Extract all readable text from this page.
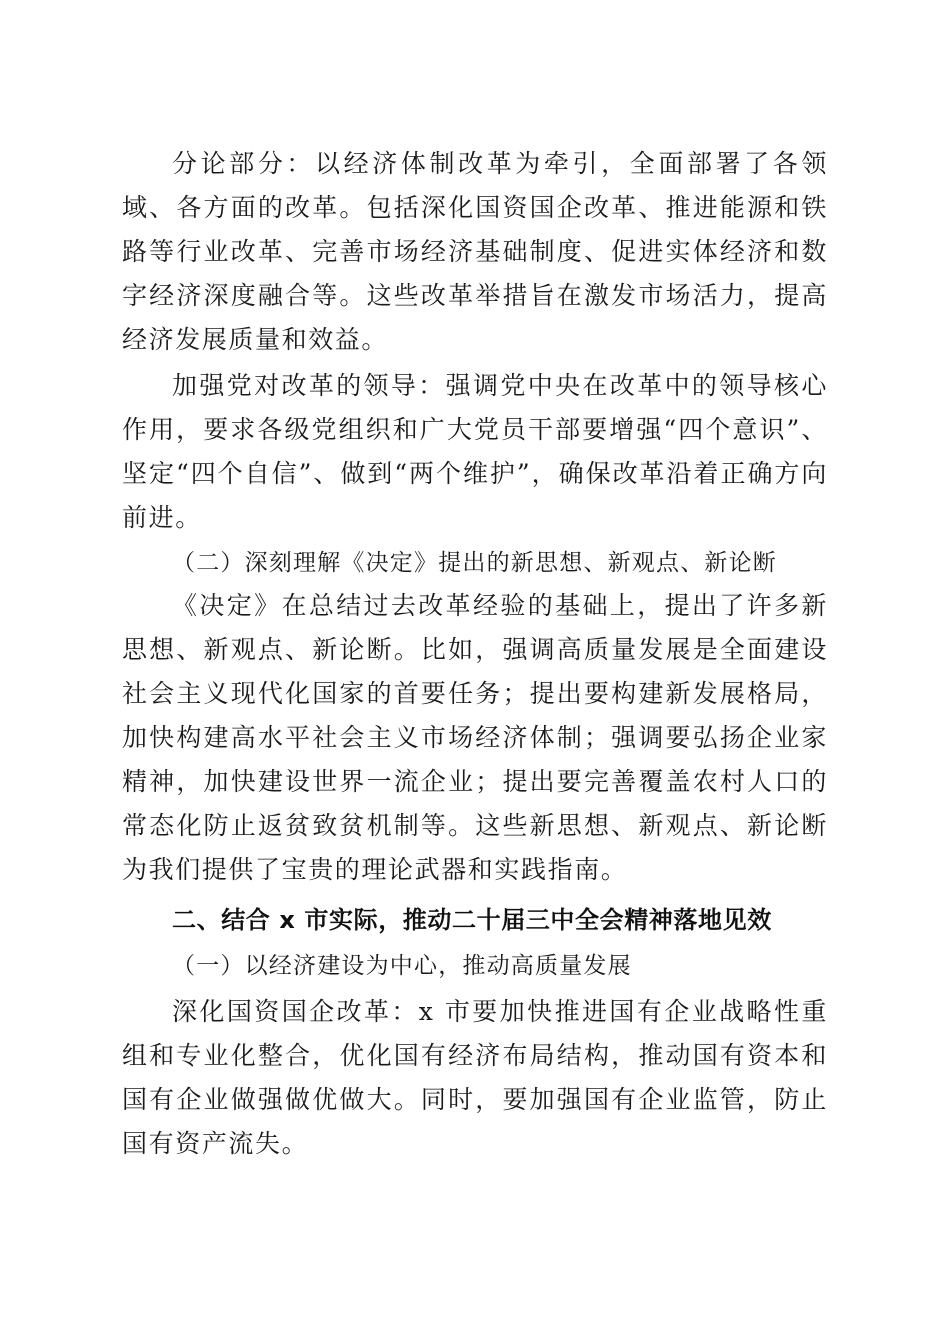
分论部分：以经济体制改革为牵引，全面部署了各领域、各方面的改革。包括深化国资国企改革、推进能源和铁路等行业改革、完善市场经济基础制度、促进实体经济和数字经济深度融合等。这些改革举措旨在激发市场活力，提高经济发展质量和效益。

加强党对改革的领导：强调党中央在改革中的领导核心作用，要求各级党组织和广大党员干部要增强“四个意识”、坚定“四个自信”、做到“两个维护”，确保改革沿着正确方向前进。

（二）深刻理解《决定》提出的新思想、新观点、新论断

《决定》在总结过去改革经验的基础上，提出了许多新思想、新观点、新论断。比如，强调高质量发展是全面建设社会主义现代化国家的首要任务；提出要构建新发展格局，加快构建高水平社会主义市场经济体制；强调要弘扬企业家精神，加快建设世界一流企业；提出要完善覆盖农村人口的常态化防止返贫致贫机制等。这些新思想、新观点、新论断为我们提供了宝贵的理论武器和实践指南。

二、结合 x 市实际，推动二十届三中全会精神落地见效
（一）以经济建设为中心，推动高质量发展

深化国资国企改革：x 市要加快推进国有企业战略性重组和专业化整合，优化国有经济布局结构，推动国有资本和国有企业做强做优做大。同时，要加强国有企业监管，防止国有资产流失。
